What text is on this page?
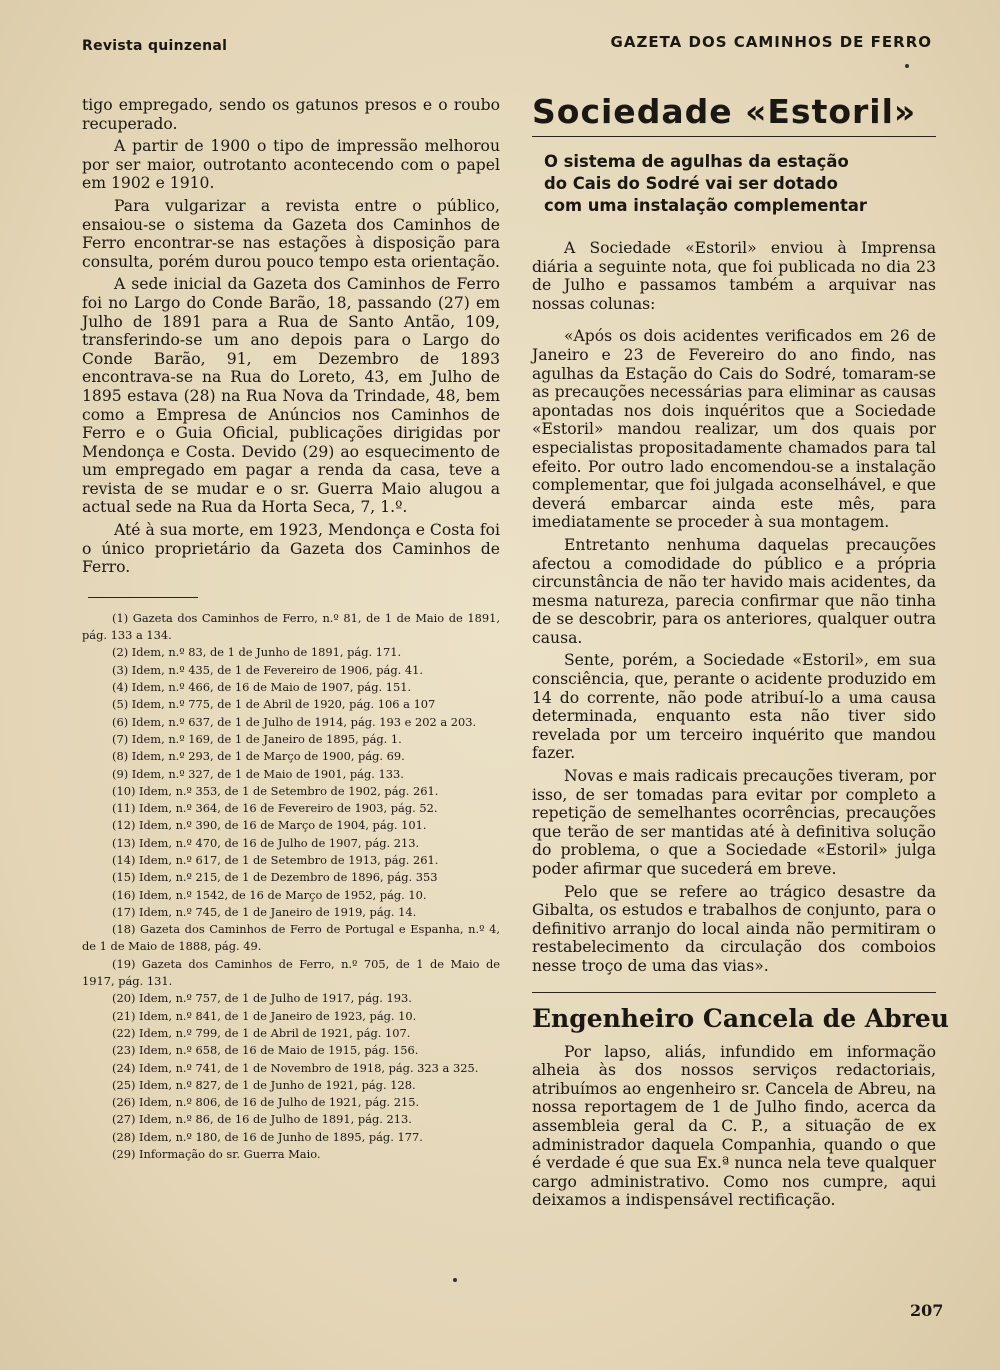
Revista quinzenal	GAZETA DOS CAMINHOS DE FERRO

tigo empregado, sendo os gatunos presos e o roubo recuperado.

A partir de 1900 o tipo de impressão melhorou por ser maior, outrotanto acontecendo com o papel em 1902 e 1910.

Para vulgarizar a revista entre o público, ensaiou-se o sistema da Gazeta dos Caminhos de Ferro encontrar-se nas estações à disposição para consulta, porém durou pouco tempo esta orientação.

A sede inicial da Gazeta dos Caminhos de Ferro foi no Largo do Conde Barão, 18, passando (27) em Julho de 1891 para a Rua de Santo Antão, 109, transferindo-se um ano depois para o Largo do Conde Barão, 91, em Dezembro de 1893 encontrava-se na Rua do Loreto, 43, em Julho de 1895 estava (28) na Rua Nova da Trindade, 48, bem como a Empresa de Anúncios nos Caminhos de Ferro e o Guia Oficial, publicações dirigidas por Mendonça e Costa. Devido (29) ao esquecimento de um empregado em pagar a renda da casa, teve a revista de se mudar e o sr. Guerra Maio alugou a actual sede na Rua da Horta Seca, 7, 1.º.

Até à sua morte, em 1923, Mendonça e Costa foi o único proprietário da Gazeta dos Caminhos de Ferro.

(1) Gazeta dos Caminhos de Ferro, n.º 81, de 1 de Maio de 1891, pág. 133 a 134.
(2) Idem, n.º 83, de 1 de Junho de 1891, pág. 171.
(3) Idem, n.º 435, de 1 de Fevereiro de 1906, pág. 41.
(4) Idem, n.º 466, de 16 de Maio de 1907, pág. 151.
(5) Idem, n.º 775, de 1 de Abril de 1920, pág. 106 a 107
(6) Idem, n.º 637, de 1 de Julho de 1914, pág. 193 e 202 a 203.
(7) Idem, n.º 169, de 1 de Janeiro de 1895, pág. 1.
(8) Idem, n.º 293, de 1 de Março de 1900, pág. 69.
(9) Idem, n.º 327, de 1 de Maio de 1901, pág. 133.
(10) Idem, n.º 353, de 1 de Setembro de 1902, pág. 261.
(11) Idem, n.º 364, de 16 de Fevereiro de 1903, pág. 52.
(12) Idem, n.º 390, de 16 de Março de 1904, pág. 101.
(13) Idem, n.º 470, de 16 de Julho de 1907, pág. 213.
(14) Idem, n.º 617, de 1 de Setembro de 1913, pág. 261.
(15) Idem, n.º 215, de 1 de Dezembro de 1896, pág. 353
(16) Idem, n.º 1542, de 16 de Março de 1952, pág. 10.
(17) Idem, n.º 745, de 1 de Janeiro de 1919, pág. 14.
(18) Gazeta dos Caminhos de Ferro de Portugal e Espanha, n.º 4, de 1 de Maio de 1888, pág. 49.
(19) Gazeta dos Caminhos de Ferro, n.º 705, de 1 de Maio de 1917, pág. 131.
(20) Idem, n.º 757, de 1 de Julho de 1917, pág. 193.
(21) Idem, n.º 841, de 1 de Janeiro de 1923, pág. 10.
(22) Idem, n.º 799, de 1 de Abril de 1921, pág. 107.
(23) Idem, n.º 658, de 16 de Maio de 1915, pág. 156.
(24) Idem, n.º 741, de 1 de Novembro de 1918, pág. 323 a 325.
(25) Idem, n.º 827, de 1 de Junho de 1921, pág. 128.
(26) Idem, n.º 806, de 16 de Julho de 1921, pág. 215.
(27) Idem, n.º 86, de 16 de Julho de 1891, pág. 213.
(28) Idem, n.º 180, de 16 de Junho de 1895, pág. 177.
(29) Informação do sr. Guerra Maio.
Sociedade «Estoril»
O sistema de agulhas da estação
do Cais do Sodré vai ser dotado
com uma instalação complementar

A Sociedade «Estoril» enviou à Imprensa diária a seguinte nota, que foi publicada no dia 23 de Julho e passamos também a arquivar nas nossas colunas:

«Após os dois acidentes verificados em 26 de Janeiro e 23 de Fevereiro do ano findo, nas agulhas da Estação do Cais do Sodré, tomaram-se as precauções necessárias para eliminar as causas apontadas nos dois inquéritos que a Sociedade «Estoril» mandou realizar, um dos quais por especialistas propositadamente chamados para tal efeito. Por outro lado encomendou-se a instalação complementar, que foi julgada aconselhável, e que deverá embarcar ainda este mês, para imediatamente se proceder à sua montagem.

Entretanto nenhuma daquelas precauções afectou a comodidade do público e a própria circunstância de não ter havido mais acidentes, da mesma natureza, parecia confirmar que não tinha de se descobrir, para os anteriores, qualquer outra causa.

Sente, porém, a Sociedade «Estoril», em sua consciência, que, perante o acidente produzido em 14 do corrente, não pode atribuí-lo a uma causa determinada, enquanto esta não tiver sido revelada por um terceiro inquérito que mandou fazer.

Novas e mais radicais precauções tiveram, por isso, de ser tomadas para evitar por completo a repetição de semelhantes ocorrências, precauções que terão de ser mantidas até à definitiva solução do problema, o que a Sociedade «Estoril» julga poder afirmar que sucederá em breve.

Pelo que se refere ao trágico desastre da Gibalta, os estudos e trabalhos de conjunto, para o definitivo arranjo do local ainda não permitiram o restabelecimento da circulação dos comboios nesse troço de uma das vias».

Engenheiro Cancela de Abreu

Por lapso, aliás, infundido em informação alheia às dos nossos serviços redactoriais, atribuímos ao engenheiro sr. Cancela de Abreu, na nossa reportagem de 1 de Julho findo, acerca da assembleia geral da C. P., a situação de ex administrador daquela Companhia, quando o que é verdade é que sua Ex.ª nunca nela teve qualquer cargo administrativo. Como nos cumpre, aqui deixamos a indispensável rectificação.

207
